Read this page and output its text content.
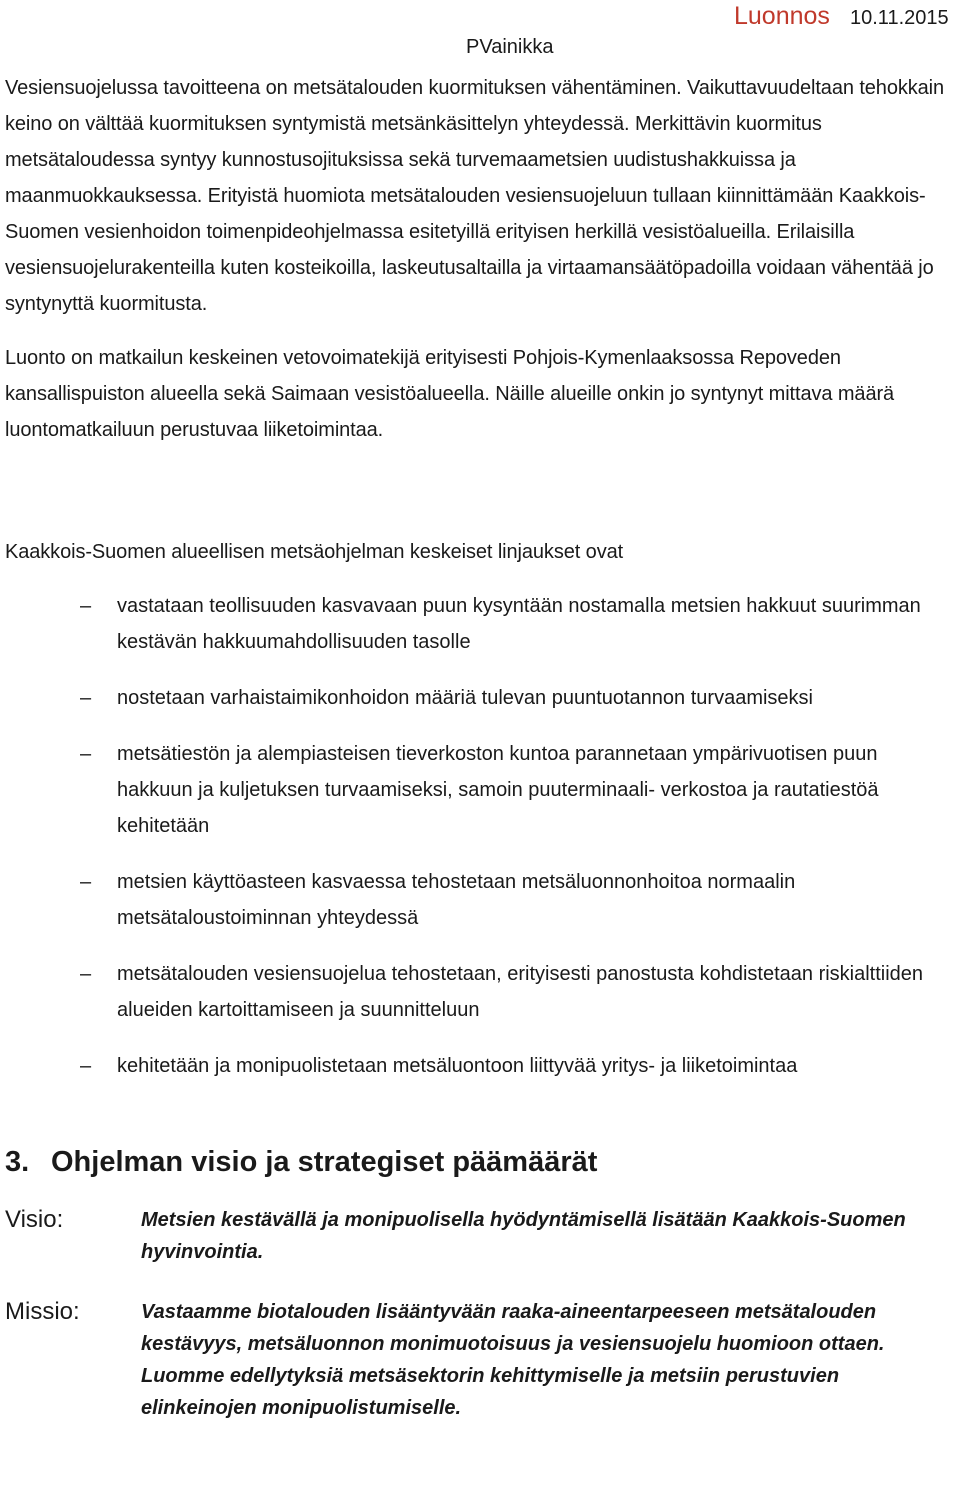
PVainikka
Luonnos 10.11.2015

Vesiensuojelussa tavoitteena on metsätalouden kuormituksen vähentäminen. Vaikuttavuudeltaan tehokkain keino on välttää kuormituksen syntymistä metsänkäsittelyn yhteydessä. Merkittävin kuormitus metsätaloudessa syntyy kunnostusojituksissa sekä turvemaametsien uudistushakkuissa ja maanmuokkauksessa. Erityistä huomiota metsätalouden vesiensuojeluun tullaan kiinnittämään Kaakkois-Suomen vesienhoidon toimenpideohjelmassa esitetyillä erityisen herkillä vesistöalueilla. Erilaisilla vesiensuojelurakenteilla kuten kosteikoilla, laskeutusaltailla ja virtaamansäätöpadoilla voidaan vähentää jo syntynyttä kuormitusta.

Luonto on matkailun keskeinen vetovoimatekijä erityisesti Pohjois-Kymenlaaksossa Repoveden kansallispuiston alueella sekä Saimaan vesistöalueella. Näille alueille onkin jo syntynyt mittava määrä luontomatkailuun perustuvaa liiketoimintaa.

Kaakkois-Suomen alueellisen metsäohjelman keskeiset linjaukset ovat

– vastataan teollisuuden kasvavaan puun kysyntään nostamalla metsien hakkuut suurimman kestävän hakkuumahdollisuuden tasolle
– nostetaan varhaistaimikonhoidon määriä tulevan puuntuotannon turvaamiseksi
– metsätiestön ja alempiasteisen tieverkoston kuntoa parannetaan ympärivuotisen puun hakkuun ja kuljetuksen turvaamiseksi, samoin puuterminaali- verkostoa ja rautatiestöä kehitetään
– metsien käyttöasteen kasvaessa tehostetaan metsäluonnonhoitoa normaalin metsätaloustoiminnan yhteydessä
– metsätalouden vesiensuojelua tehostetaan, erityisesti panostusta kohdistetaan riskialttiiden alueiden kartoittamiseen ja suunnitteluun
– kehitetään ja monipuolistetaan metsäluontoon liittyvää yritys- ja liiketoimintaa
3. Ohjelman visio ja strategiset päämäärät
Visio:	Metsien kestävällä ja monipuolisella hyödyntämisellä lisätään Kaakkois-Suomen hyvinvointia.
Missio:	Vastaamme biotalouden lisääntyvään raaka-aineentarpeeseen metsätalouden kestävyys, metsäluonnon monimuotoisuus ja vesiensuojelu huomioon ottaen. Luomme edellytyksiä metsäsektorin kehittymiselle ja metsiin perustuvien elinkeinojen monipuolistumiselle.
